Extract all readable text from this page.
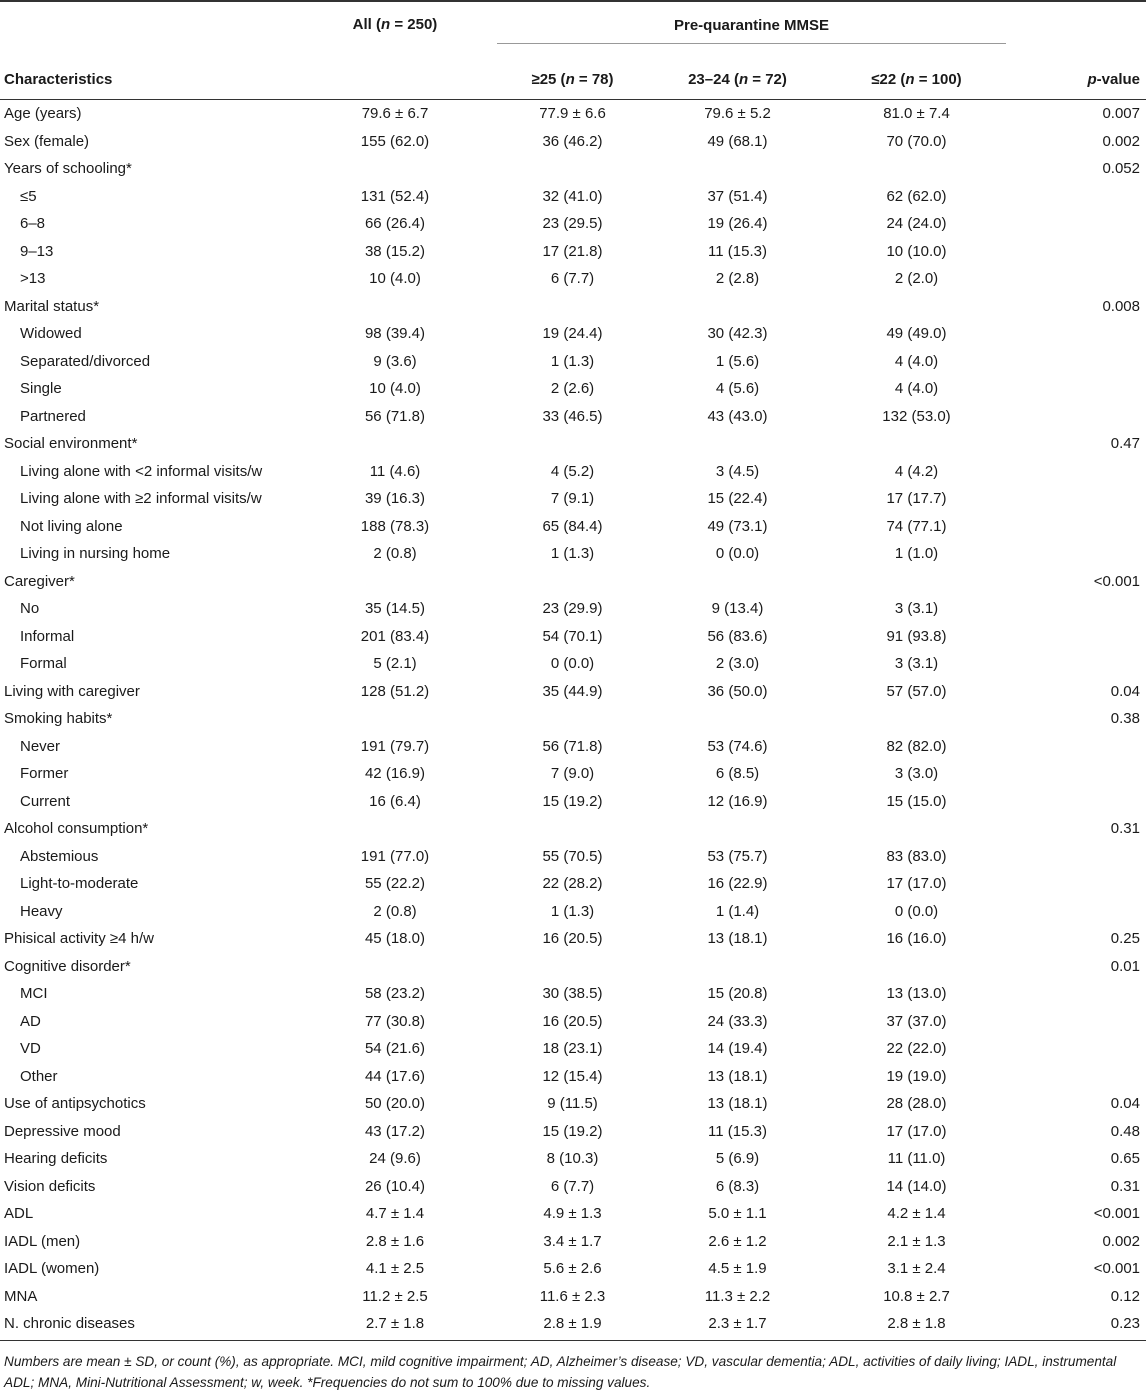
	All (n = 250)	Pre-quarantine MMSE			

Characteristics		≥25 (n = 78)	23–24 (n = 72)	≤22 (n = 100)	p-value
Age (years)	79.6 ± 6.7	77.9 ± 6.6	79.6 ± 5.2	81.0 ± 7.4	0.007
Sex (female)	155 (62.0)	36 (46.2)	49 (68.1)	70 (70.0)	0.002
Years of schooling*					0.052
≤5	131 (52.4)	32 (41.0)	37 (51.4)	62 (62.0)	
6–8	66 (26.4)	23 (29.5)	19 (26.4)	24 (24.0)	
9–13	38 (15.2)	17 (21.8)	11 (15.3)	10 (10.0)	
>13	10 (4.0)	6 (7.7)	2 (2.8)	2 (2.0)	
Marital status*					0.008
Widowed	98 (39.4)	19 (24.4)	30 (42.3)	49 (49.0)	
Separated/divorced	9 (3.6)	1 (1.3)	1 (5.6)	4 (4.0)	
Single	10 (4.0)	2 (2.6)	4 (5.6)	4 (4.0)	
Partnered	56 (71.8)	33 (46.5)	43 (43.0)	132 (53.0)	
Social environment*					0.47
Living alone with <2 informal visits/w	11 (4.6)	4 (5.2)	3 (4.5)	4 (4.2)	
Living alone with ≥2 informal visits/w	39 (16.3)	7 (9.1)	15 (22.4)	17 (17.7)	
Not living alone	188 (78.3)	65 (84.4)	49 (73.1)	74 (77.1)	
Living in nursing home	2 (0.8)	1 (1.3)	0 (0.0)	1 (1.0)	
Caregiver*					<0.001
No	35 (14.5)	23 (29.9)	9 (13.4)	3 (3.1)	
Informal	201 (83.4)	54 (70.1)	56 (83.6)	91 (93.8)	
Formal	5 (2.1)	0 (0.0)	2 (3.0)	3 (3.1)	
Living with caregiver	128 (51.2)	35 (44.9)	36 (50.0)	57 (57.0)	0.04
Smoking habits*					0.38
Never	191 (79.7)	56 (71.8)	53 (74.6)	82 (82.0)	
Former	42 (16.9)	7 (9.0)	6 (8.5)	3 (3.0)	
Current	16 (6.4)	15 (19.2)	12 (16.9)	15 (15.0)	
Alcohol consumption*					0.31
Abstemious	191 (77.0)	55 (70.5)	53 (75.7)	83 (83.0)	
Light-to-moderate	55 (22.2)	22 (28.2)	16 (22.9)	17 (17.0)	
Heavy	2 (0.8)	1 (1.3)	1 (1.4)	0 (0.0)	
Phisical activity ≥4 h/w	45 (18.0)	16 (20.5)	13 (18.1)	16 (16.0)	0.25
Cognitive disorder*					0.01
MCI	58 (23.2)	30 (38.5)	15 (20.8)	13 (13.0)	
AD	77 (30.8)	16 (20.5)	24 (33.3)	37 (37.0)	
VD	54 (21.6)	18 (23.1)	14 (19.4)	22 (22.0)	
Other	44 (17.6)	12 (15.4)	13 (18.1)	19 (19.0)	
Use of antipsychotics	50 (20.0)	9 (11.5)	13 (18.1)	28 (28.0)	0.04
Depressive mood	43 (17.2)	15 (19.2)	11 (15.3)	17 (17.0)	0.48
Hearing deficits	24 (9.6)	8 (10.3)	5 (6.9)	11 (11.0)	0.65
Vision deficits	26 (10.4)	6 (7.7)	6 (8.3)	14 (14.0)	0.31
ADL	4.7 ± 1.4	4.9 ± 1.3	5.0 ± 1.1	4.2 ± 1.4	<0.001
IADL (men)	2.8 ± 1.6	3.4 ± 1.7	2.6 ± 1.2	2.1 ± 1.3	0.002
IADL (women)	4.1 ± 2.5	5.6 ± 2.6	4.5 ± 1.9	3.1 ± 2.4	<0.001
MNA	11.2 ± 2.5	11.6 ± 2.3	11.3 ± 2.2	10.8 ± 2.7	0.12
N. chronic diseases	2.7 ± 1.8	2.8 ± 1.9	2.3 ± 1.7	2.8 ± 1.8	0.23
Numbers are mean ± SD, or count (%), as appropriate. MCI, mild cognitive impairment; AD, Alzheimer’s disease; VD, vascular dementia; ADL, activities of daily living; IADL, instrumental ADL; MNA, Mini-Nutritional Assessment; w, week. *Frequencies do not sum to 100% due to missing values.
